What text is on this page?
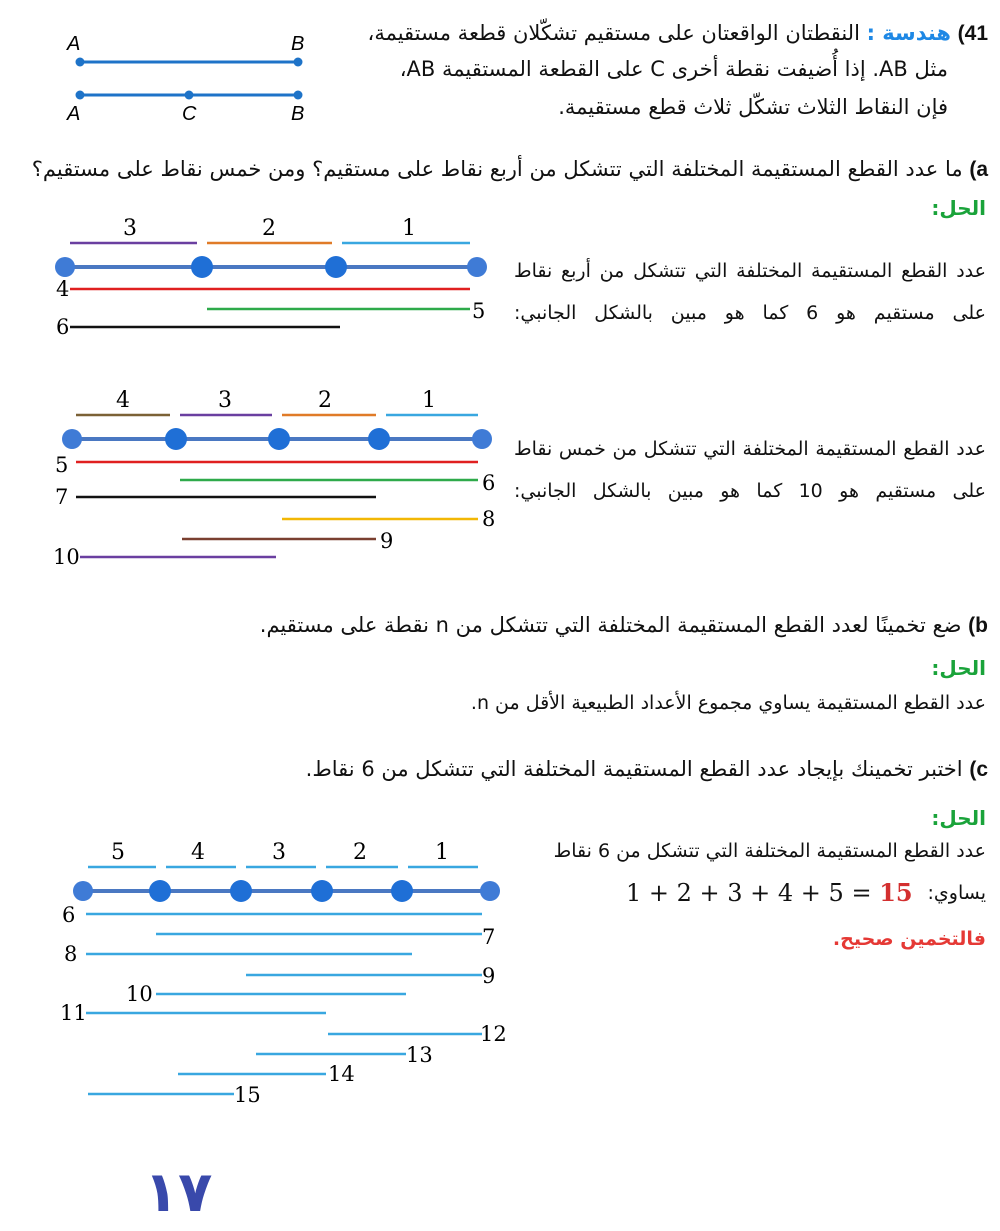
41) هندسة : النقطتان الواقعتان على مستقيم تشكّلان قطعة مستقيمة،
مثل AB. إذا أُضيفت نقطة أخرى C على القطعة المستقيمة AB،
فإن النقاط الثلاث تشكّل ثلاث قطع مستقيمة.
A	B
A	C	B
a) ما عدد القطع المستقيمة المختلفة التي تتشكل من أربع نقاط على مستقيم؟ ومن خمس نقاط على مستقيم؟
الحل:
عدد القطع المستقيمة المختلفة التي تتشكل من أربع نقاط على مستقيم هو 6 كما هو مبين بالشكل الجانبي:
3	2	1
4
5
6
عدد القطع المستقيمة المختلفة التي تتشكل من خمس نقاط على مستقيم هو 10 كما هو مبين بالشكل الجانبي:
4	3	2	1
5
6
7
8
9
10
b) ضع تخمينًا لعدد القطع المستقيمة المختلفة التي تتشكل من n نقطة على مستقيم.
الحل:
عدد القطع المستقيمة يساوي مجموع الأعداد الطبيعية الأقل من n.
c) اختبر تخمينك بإيجاد عدد القطع المستقيمة المختلفة التي تتشكل من 6 نقاط.
الحل:
عدد القطع المستقيمة المختلفة التي تتشكل من 6 نقاط يساوي:
1 + 2 + 3 + 4 + 5 = 15
فالتخمين صحيح.
5	4	3	2	1
6
7
8
9
10
11
12
13
14
15
١٧
